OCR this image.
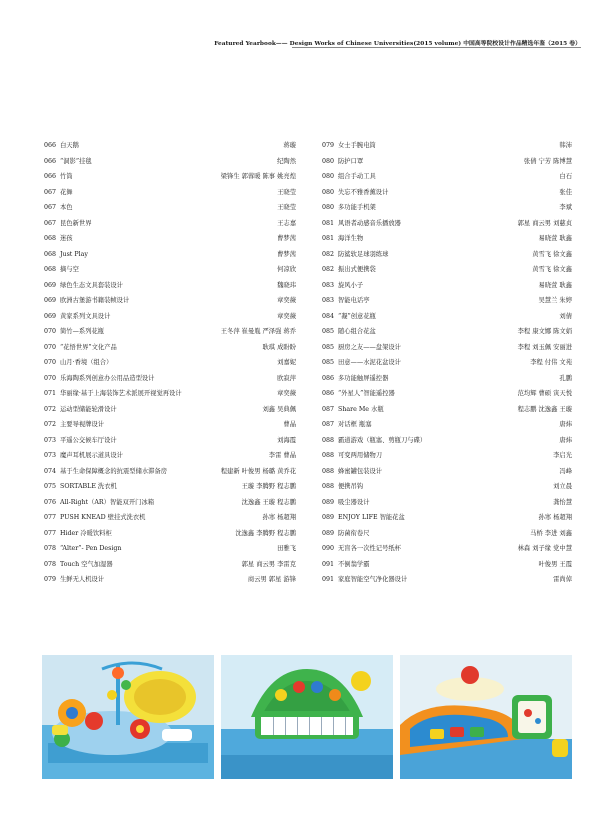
Featured Yearbook—— Design Works of Chinese Universities(2015 volume) 中国高等院校设计作品精选年鉴（2015 卷）
066 白天鹅	蒋璇
066 “洞影”挂毯	纪陶然
066 竹筒	梁锋生 郭蓉暖 陈事 姚亮煌
067 花舞	王晓莹
067 本色	王晓莹
067 昆色新世界	王志嘉
068 迷孩	曹梦茜
068 Just Play	曹梦茜
068 摘与空	何凉欣
069 绿色生态文具套装设计	魏晓玮
069 欧洲古堡游书籍装帧设计	章奕薇
069 黄家系列文具设计	章奕薇
070 简竹—系列花瓶	王冬萍 崔曼胤 严泽强 蒋乔
070 “花悟世界”文化产品	耿琪 成盼盼
070 山月·香境（组合）	刘嘉妮
070 乐海陶系列创意办公用品造型设计	欧寂萍
071 华丽缘·基于上海装饰艺术派展开视觉再设计	章奕薇
072 运动型储能轮滑设计	刘鑫 吴典佩
072 主要导视牌设计	曹晶
073 平遥公交候车厅设计	刘海霞
073 魔声耳机展示道具设计	李雷 曹晶
074 基于生命保障概念的抗震型储水滞备房	程建新 叶俊男 杨璐 黄乔花
075 SORTABLE 洗衣机	王璇 李腾野 程志鹏
076 All-Right（AR）智能双开门冰箱	沈逸鑫 王璇 程志鹏
077 PUSH KNEAD 壁挂式洗衣机	孙寒 杨超翔
077 Hider 冷暖饮料柜	沈逸鑫 李腾野 程志鹏
078 “Alter”- Pen Design	田雅飞
078 Touch 空气加湿器	郭星 商云男 李雷克
079 生鲜无人机设计	商云男 郭星 游锋
079 女士手腕电筒	韩沛
080 防护口罩	张倩 宁芳 陈博慧
080 组合手动工具	白石
080 失忘不雅香薰设计	张佳
080 多功能手机架	李斌
081 风语者动感音乐播放器	郭星 商云男 刘慈贞
081 海洋生物	易晓萱 耿鑫
082 防鲨软足球羽练球	黄雪飞 徐文鑫
082 振出式便携袋	黄雪飞 徐文鑫
083 旋风小子	易晓萱 耿鑫
083 智能电话亭	吴慧兰 朱婷
084 “凝”创意花瓶	刘倩
085 随心组合花盆	李程 康文娜 陈文娟
085 厨房之友——盘架设计	李程 刘玉佩 安丽进
085 田意——水泥花盆设计	李程 付伟 文苑
086 多功能触屏遥控器	孔鹏
086 “外星人”智能遥控器	范均辉 曹硕 寅天悦
087 Share Me 水瓶	程志鹏 沈逸鑫 王璇
087 对话框 瓶塞	唐炜
088 霸道游戏（瓶塞、剪瓶刀与碟）	唐炜
088 可变两用储物刀	李启光
088 蜂蜜罐包装设计	冯峰
088 便携吊钩	刘立晨
089 吸尘器设计	龚怡慧
089 ENJOY LIFE 智能花盆	孙寒 杨超翔
089 防菌衔卷尺	马桥 李进 刘鑫
090 无盲各一次性记号纸杯	林森 刘子缘 党中慧
091 不倒翁学霸	叶俊男 王霞
091 家庭智能空气净化器设计	雷尚倬
